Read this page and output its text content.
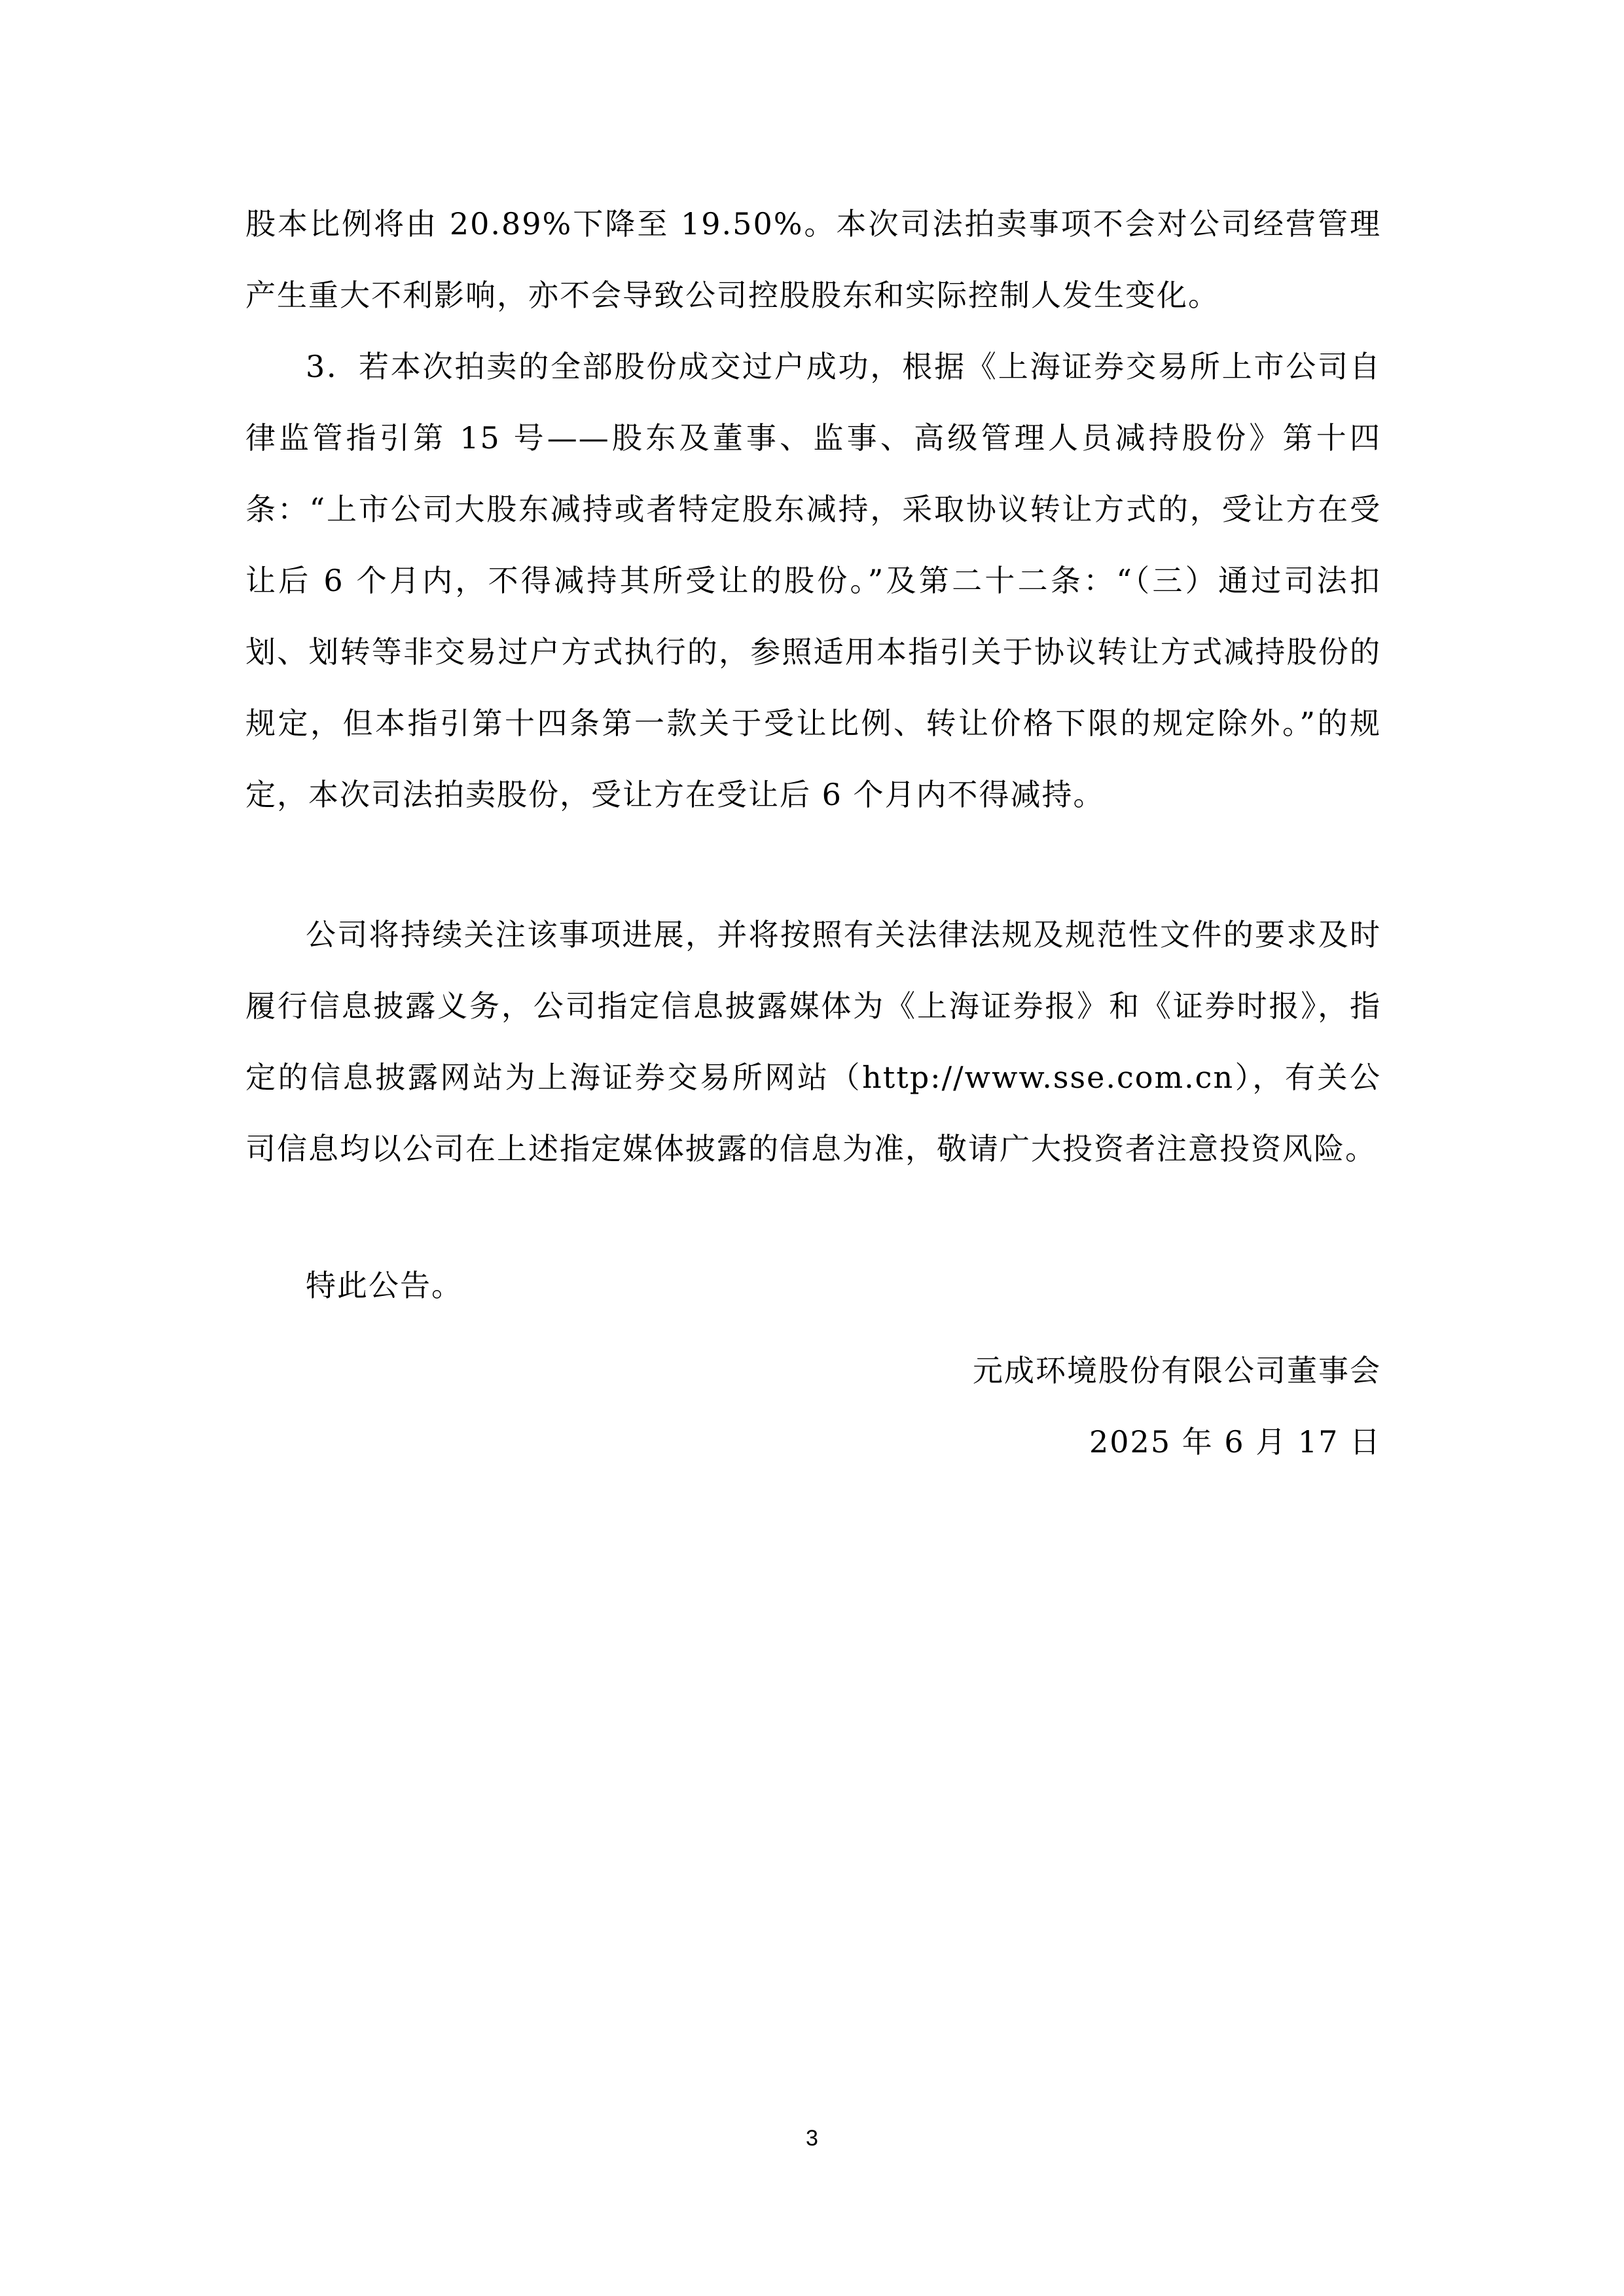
股本比例将由 20.89%下降至 19.50%。本次司法拍卖事项不会对公司经营管理产生重大不利影响，亦不会导致公司控股股东和实际控制人发生变化。

3．若本次拍卖的全部股份成交过户成功，根据《上海证券交易所上市公司自律监管指引第 15 号——股东及董事、监事、高级管理人员减持股份》第十四条：“上市公司大股东减持或者特定股东减持，采取协议转让方式的，受让方在受让后 6 个月内，不得减持其所受让的股份。”及第二十二条：“（三）通过司法扣划、划转等非交易过户方式执行的，参照适用本指引关于协议转让方式减持股份的规定，但本指引第十四条第一款关于受让比例、转让价格下限的规定除外。”的规定，本次司法拍卖股份，受让方在受让后 6 个月内不得减持。

公司将持续关注该事项进展，并将按照有关法律法规及规范性文件的要求及时履行信息披露义务，公司指定信息披露媒体为《上海证券报》和《证券时报》，指定的信息披露网站为上海证券交易所网站（http://www.sse.com.cn），有关公司信息均以公司在上述指定媒体披露的信息为准，敬请广大投资者注意投资风险。

特此公告。

元成环境股份有限公司董事会
2025 年 6 月 17 日
3
